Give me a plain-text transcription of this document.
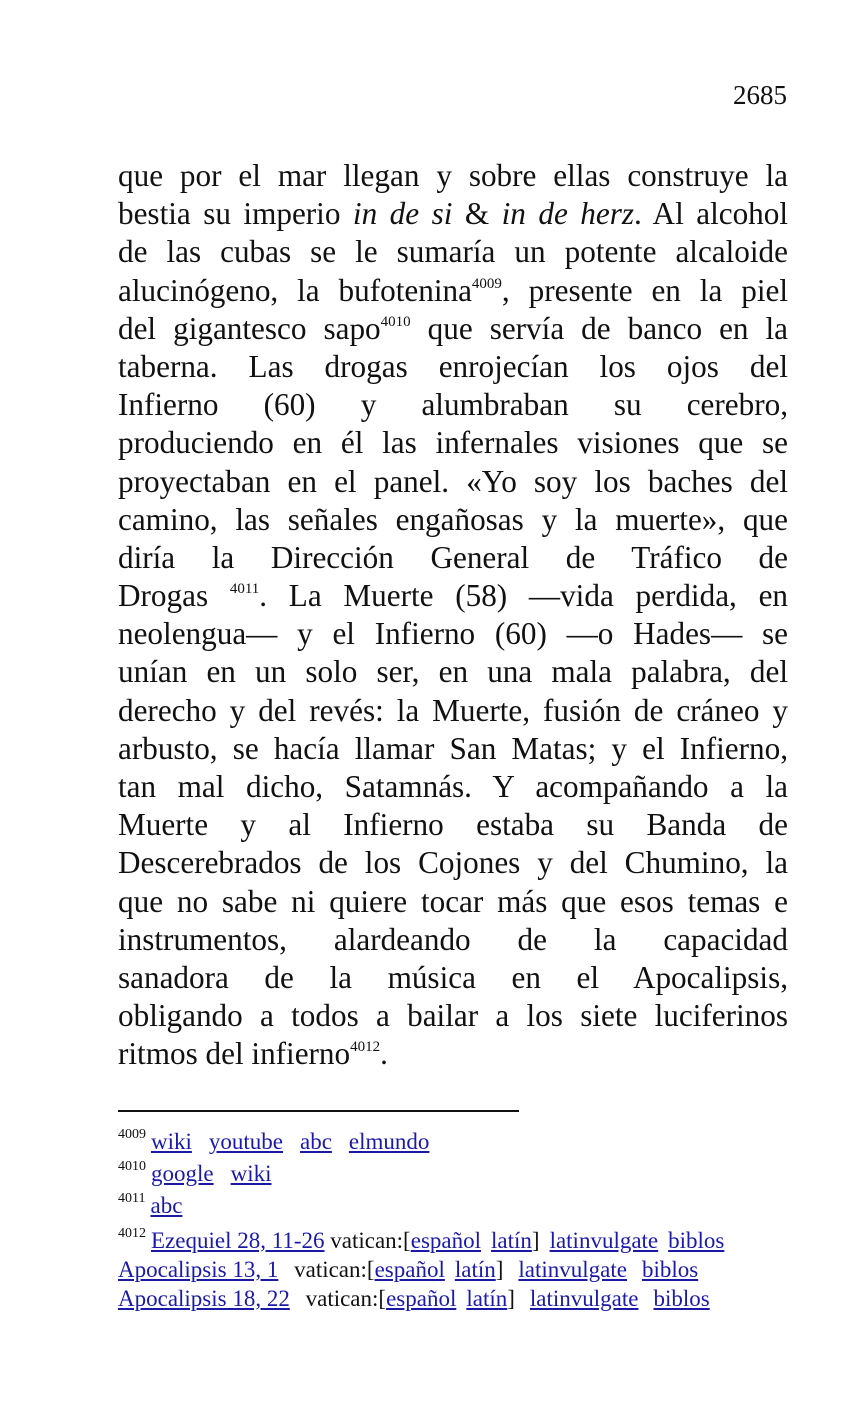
2685
que por el mar llegan y sobre ellas construye la
bestia su imperio in de si & in de herz. Al alcohol
de las cubas se le sumaría un potente alcaloide
alucinógeno, la bufotenina$^{4009}$, presente en la piel
del gigantesco sapo$^{4010}$ que servía de banco en la
taberna. Las drogas enrojecían los ojos del
Infierno (60) y alumbraban su cerebro,
produciendo en él las infernales visiones que se
proyectaban en el panel. «Yo soy los baches del
camino, las señales engañosas y la muerte», que
diría la Dirección General de Tráfico de
Drogas $^{4011}$. La Muerte (58) —vida perdida, en
neolengua— y el Infierno (60) —o Hades— se
unían en un solo ser, en una mala palabra, del
derecho y del revés: la Muerte, fusión de cráneo y
arbusto, se hacía llamar San Matas; y el Infierno,
tan mal dicho, Satamnás. Y acompañando a la
Muerte y al Infierno estaba su Banda de
Descerebrados de los Cojones y del Chumino, la
que no sabe ni quiere tocar más que esos temas e
instrumentos, alardeando de la capacidad
sanadora de la música en el Apocalipsis,
obligando a todos a bailar a los siete luciferinos
ritmos del infierno$^{4012}$.
$^{4009}$ wiki youtube abc elmundo
$^{4010}$ google wiki
$^{4011}$ abc
$^{4012}$ Ezequiel 28, 11-26 vatican:[español latín] latinvulgate biblos
Apocalipsis 13, 1 vatican:[español latín] latinvulgate biblos
Apocalipsis 18, 22 vatican:[español latín] latinvulgate biblos
